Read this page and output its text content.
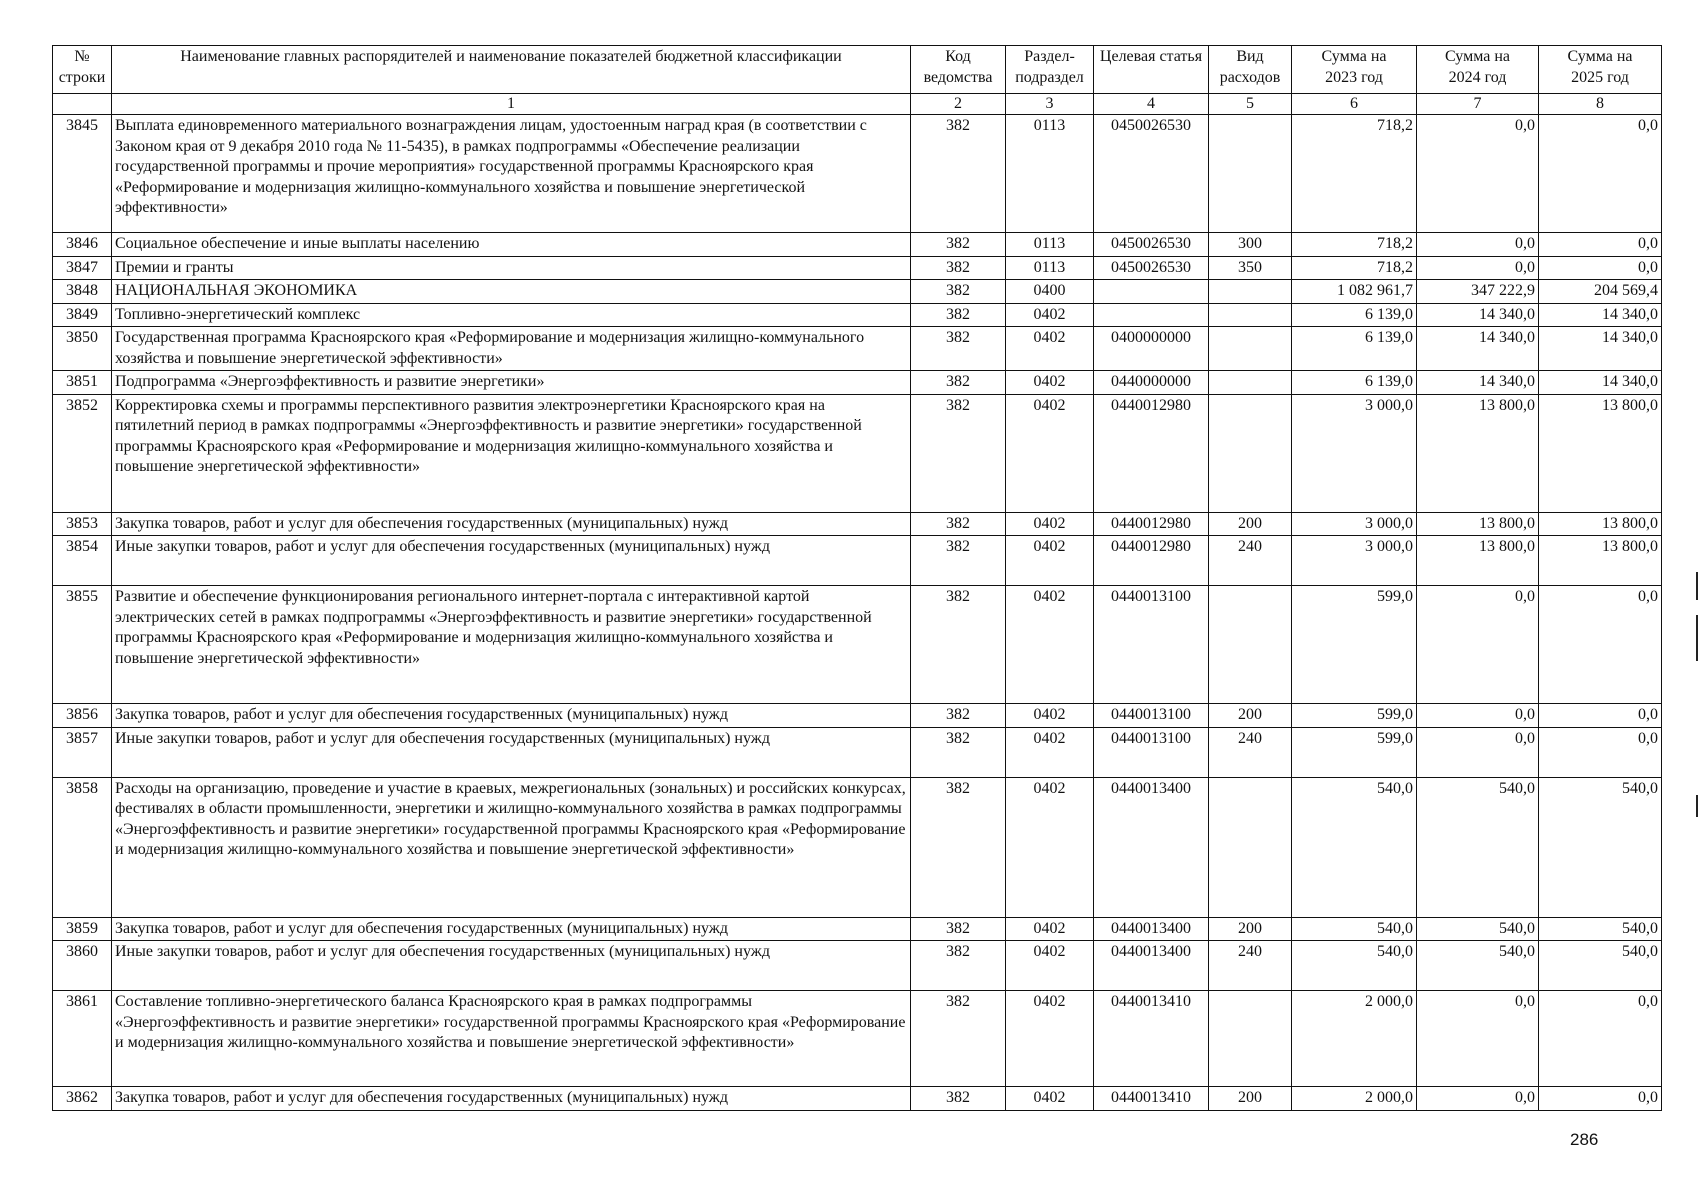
№ строки	Наименование главных распорядителей и наименование показателей бюджетной классификации	Код ведомства	Раздел-подраздел	Целевая статья	Вид расходов	Сумма на 2023 год	Сумма на 2024 год	Сумма на 2025 год
	1	2	3	4	5	6	7	8
3845	Выплата единовременного материального вознаграждения лицам, удостоенным наград края (в соответствии с Законом края от 9 декабря 2010 года № 11-5435), в рамках подпрограммы «Обеспечение реализации государственной программы и прочие мероприятия» государственной программы Красноярского края «Реформирование и модернизация жилищно-коммунального хозяйства и повышение энергетической эффективности»	382	0113	0450026530		718,2	0,0	0,0
3846	Социальное обеспечение и иные выплаты населению	382	0113	0450026530	300	718,2	0,0	0,0
3847	Премии и гранты	382	0113	0450026530	350	718,2	0,0	0,0
3848	НАЦИОНАЛЬНАЯ ЭКОНОМИКА	382	0400			1 082 961,7	347 222,9	204 569,4
3849	Топливно-энергетический комплекс	382	0402			6 139,0	14 340,0	14 340,0
3850	Государственная программа Красноярского края «Реформирование и модернизация жилищно-коммунального хозяйства и повышение энергетической эффективности»	382	0402	0400000000		6 139,0	14 340,0	14 340,0
3851	Подпрограмма «Энергоэффективность и развитие энергетики»	382	0402	0440000000		6 139,0	14 340,0	14 340,0
3852	Корректировка схемы и программы перспективного развития электроэнергетики Красноярского края на пятилетний период в рамках подпрограммы «Энергоэффективность и развитие энергетики» государственной программы Красноярского края «Реформирование и модернизация жилищно-коммунального хозяйства и повышение энергетической эффективности»	382	0402	0440012980		3 000,0	13 800,0	13 800,0
3853	Закупка товаров, работ и услуг для обеспечения государственных (муниципальных) нужд	382	0402	0440012980	200	3 000,0	13 800,0	13 800,0
3854	Иные закупки товаров, работ и услуг для обеспечения государственных (муниципальных) нужд	382	0402	0440012980	240	3 000,0	13 800,0	13 800,0
3855	Развитие и обеспечение функционирования регионального интернет-портала с интерактивной картой электрических сетей в рамках подпрограммы «Энергоэффективность и развитие энергетики» государственной программы Красноярского края «Реформирование и модернизация жилищно-коммунального хозяйства и повышение энергетической эффективности»	382	0402	0440013100		599,0	0,0	0,0
3856	Закупка товаров, работ и услуг для обеспечения государственных (муниципальных) нужд	382	0402	0440013100	200	599,0	0,0	0,0
3857	Иные закупки товаров, работ и услуг для обеспечения государственных (муниципальных) нужд	382	0402	0440013100	240	599,0	0,0	0,0
3858	Расходы на организацию, проведение и участие в краевых, межрегиональных (зональных) и российских конкурсах, фестивалях в области промышленности, энергетики и жилищно-коммунального хозяйства в рамках подпрограммы «Энергоэффективность и развитие энергетики» государственной программы Красноярского края «Реформирование и модернизация жилищно-коммунального хозяйства и повышение энергетической эффективности»	382	0402	0440013400		540,0	540,0	540,0
3859	Закупка товаров, работ и услуг для обеспечения государственных (муниципальных) нужд	382	0402	0440013400	200	540,0	540,0	540,0
3860	Иные закупки товаров, работ и услуг для обеспечения государственных (муниципальных) нужд	382	0402	0440013400	240	540,0	540,0	540,0
3861	Составление топливно-энергетического баланса Красноярского края в рамках подпрограммы «Энергоэффективность и развитие энергетики» государственной программы Красноярского края «Реформирование и модернизация жилищно-коммунального хозяйства и повышение энергетической эффективности»	382	0402	0440013410		2 000,0	0,0	0,0
3862	Закупка товаров, работ и услуг для обеспечения государственных (муниципальных) нужд	382	0402	0440013410	200	2 000,0	0,0	0,0
286
